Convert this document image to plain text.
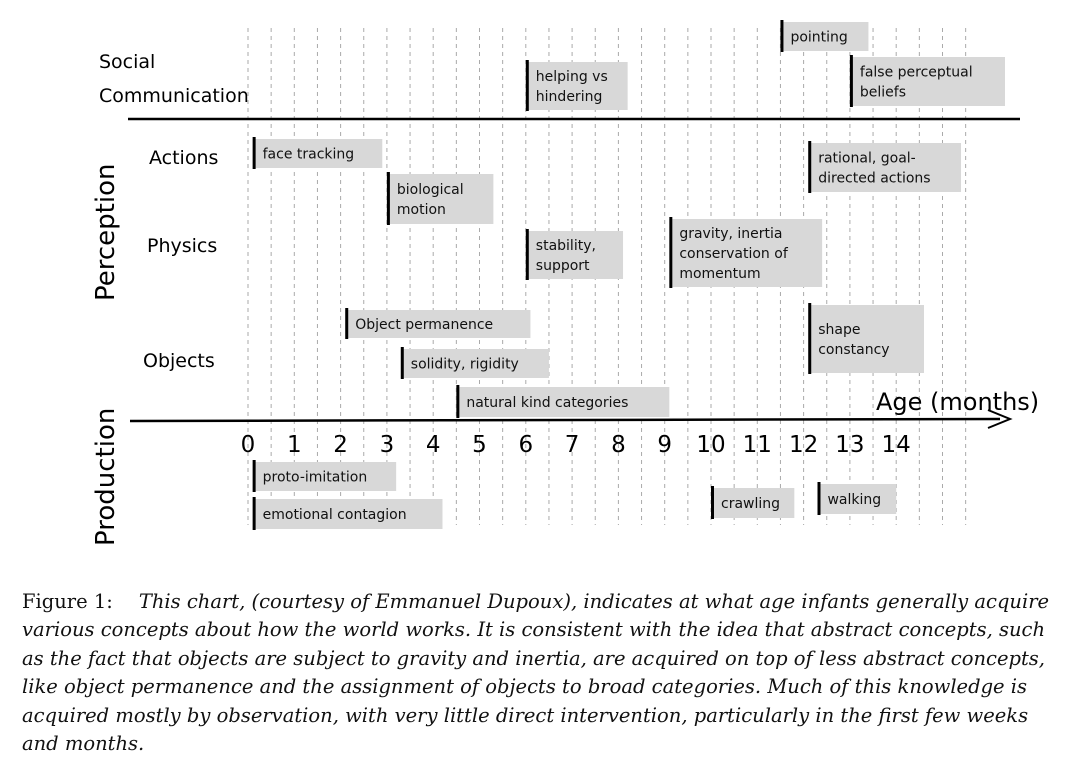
Social
Communication
Actions
Physics
Objects
Perception
Production
pointing
helping vs
hindering
false perceptual
beliefs
face tracking	rational, goal-
directed actions
biological
motion
stability,
support
gravity, inertia
conservation of
momentum
Object permanence	shape
constancy
solidity, rigidity
natural kind categories
proto-imitation
emotional contagion
crawling	walking
Age (months)
0 1 2 3 4 5 6 7 8 9 10 11 12 13 14
Figure 1: This chart, (courtesy of Emmanuel Dupoux), indicates at what age infants generally acquire various concepts about how the world works. It is consistent with the idea that abstract concepts, such as the fact that objects are subject to gravity and inertia, are acquired on top of less abstract concepts, like object permanence and the assignment of objects to broad categories. Much of this knowledge is acquired mostly by observation, with very little direct intervention, particularly in the first few weeks and months.
